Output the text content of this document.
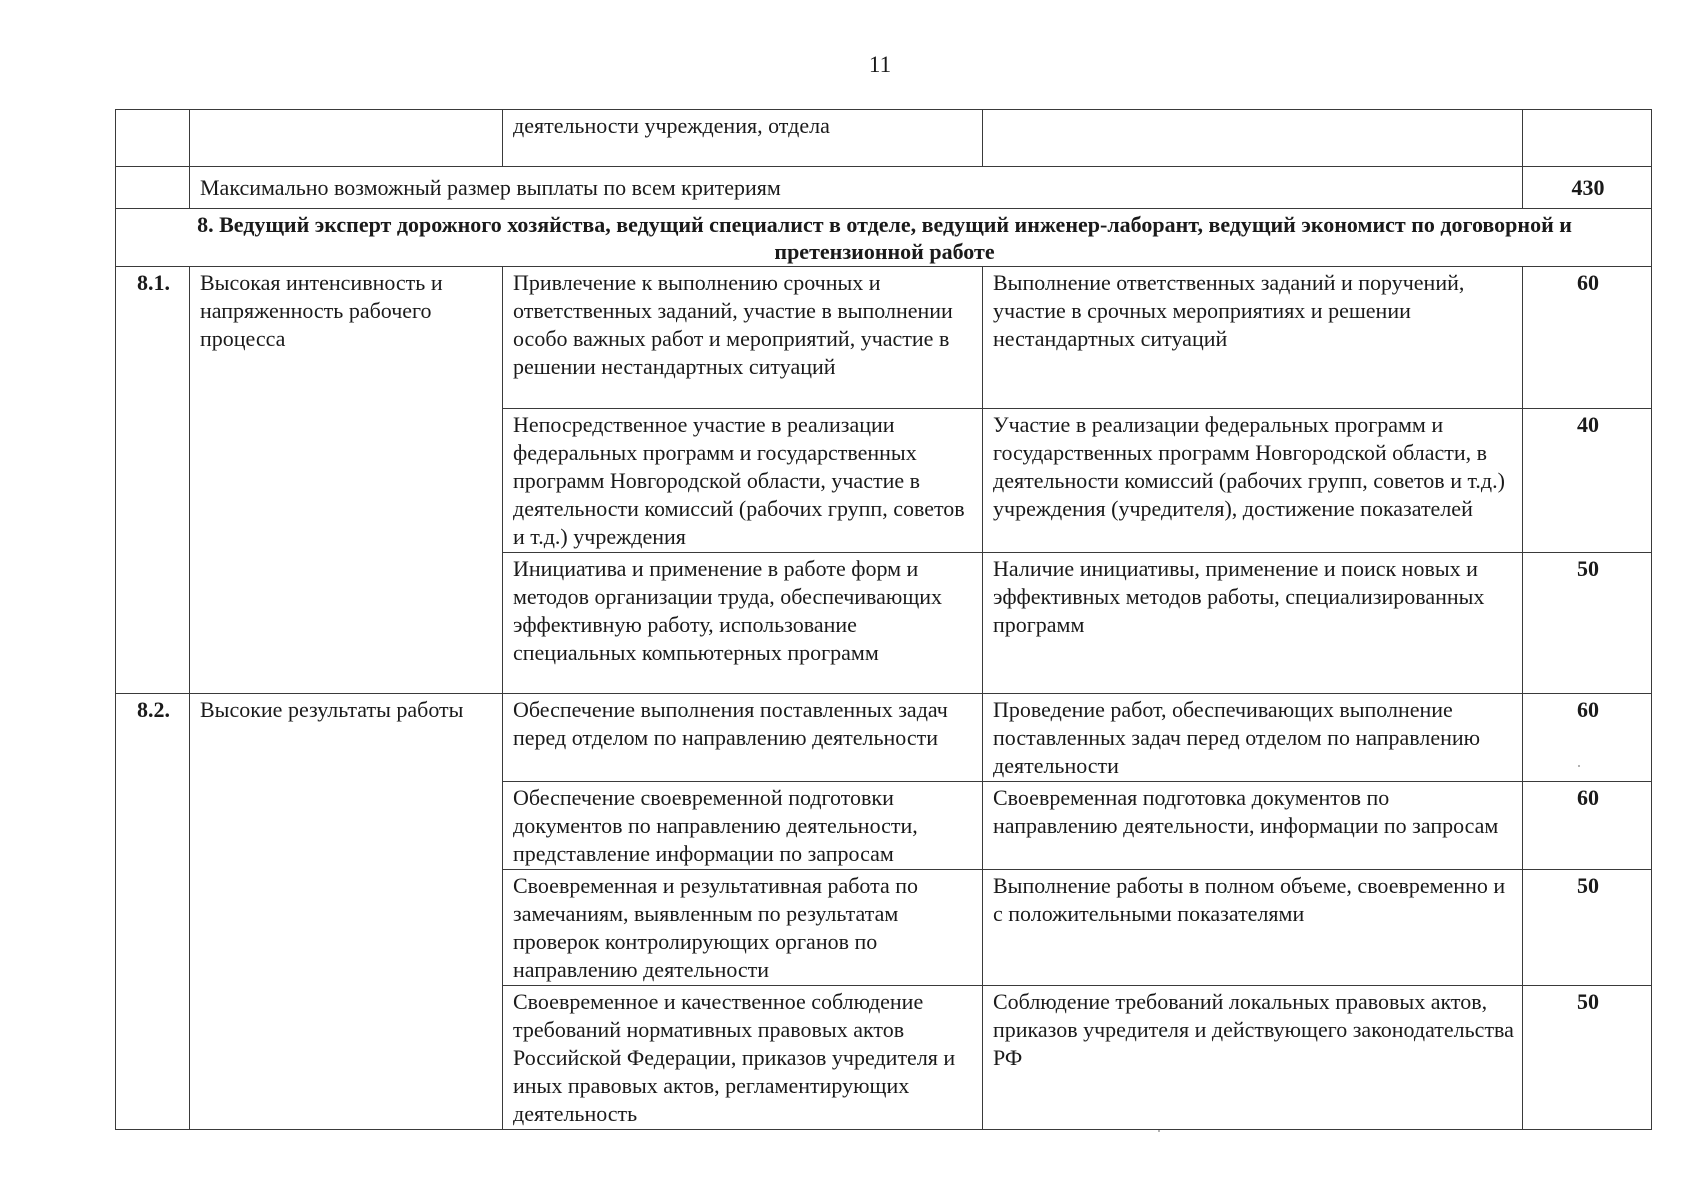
11
		деятельности учреждения, отдела		
	Максимально возможный размер выплаты по всем критериям			430
8. Ведущий эксперт дорожного хозяйства, ведущий специалист в отделе, ведущий инженер-лаборант, ведущий экономист по договорной и претензионной работе				
8.1.	Высокая интенсивность и напряженность рабочего процесса	Привлечение к выполнению срочных и ответственных заданий, участие в выполнении особо важных работ и мероприятий, участие в решении нестандартных ситуаций	Выполнение ответственных заданий и поручений, участие в срочных мероприятиях и решении нестандартных ситуаций	60
		Непосредственное участие в реализации федеральных программ и государственных программ Новгородской области, участие в деятельности комиссий (рабочих групп, советов и т.д.) учреждения	Участие в реализации федеральных программ и государственных программ Новгородской области, в деятельности комиссий (рабочих групп, советов и т.д.) учреждения (учредителя), достижение показателей	40
		Инициатива и применение в работе форм и методов организации труда, обеспечивающих эффективную работу, использование специальных компьютерных программ	Наличие инициативы, применение и поиск новых и эффективных методов работы, специализированных программ	50
8.2.	Высокие результаты работы	Обеспечение выполнения поставленных задач перед отделом по направлению деятельности	Проведение работ, обеспечивающих выполнение поставленных задач перед отделом по направлению деятельности	60
		Обеспечение своевременной подготовки документов по направлению деятельности, представление информации по запросам	Своевременная подготовка документов по направлению деятельности, информации по запросам	60
		Своевременная и результативная работа по замечаниям, выявленным по результатам проверок контролирующих органов по направлению деятельности	Выполнение работы в полном объеме, своевременно и с положительными показателями	50
		Своевременное и качественное соблюдение требований нормативных правовых актов Российской Федерации, приказов учредителя и иных правовых актов, регламентирующих деятельность	Соблюдение требований локальных правовых актов, приказов учредителя и действующего законодательства РФ	50
